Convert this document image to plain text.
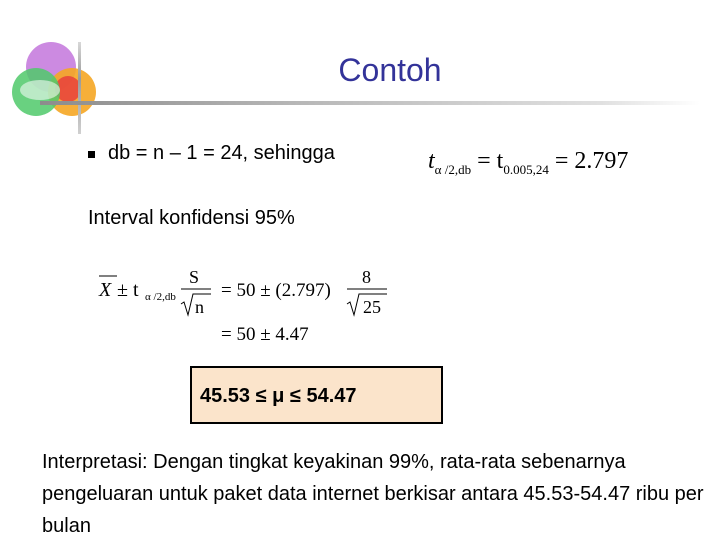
Contoh
db = n – 1 = 24, sehingga	$t_{\alpha /2,db} = t_{0.005,24} = 2.797$
Interval konfidensi 95%
X ± t α /2,db
S
n
= 50 ± (2.797)
8
25
= 50 ± 4.47
45.53 ≤ μ ≤ 54.47
Interpretasi: Dengan tingkat keyakinan 99%, rata-rata sebenarnya pengeluaran untuk paket data internet berkisar antara 45.53-54.47 ribu per bulan
